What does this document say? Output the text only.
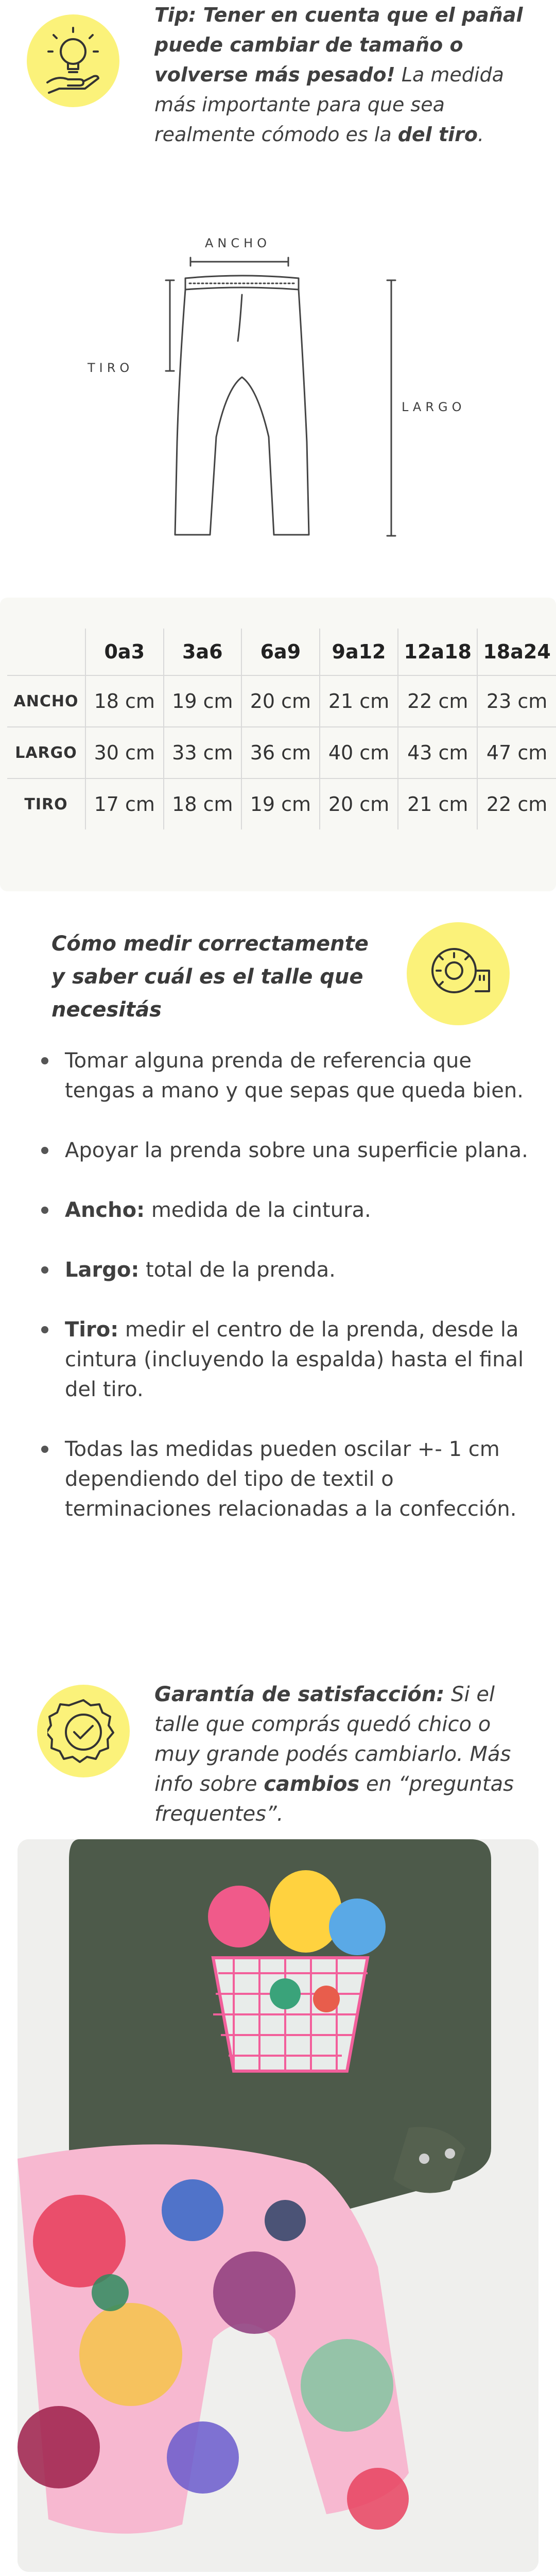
Tip: Tener en cuenta que el pañal puede cambiar de tamaño o volverse más pesado! La medida más importante para que sea realmente cómodo es la del tiro.
ANCHO
TIRO
LARGO
	0a3	3a6	6a9	9a12	12a18	18a24
ANCHO	18 cm	19 cm	20 cm	21 cm	22 cm	23 cm
LARGO	30 cm	33 cm	36 cm	40 cm	43 cm	47 cm
TIRO	17 cm	18 cm	19 cm	20 cm	21 cm	22 cm
Cómo medir correctamente y saber cuál es el talle que necesitás
Tomar alguna prenda de referencia que tengas a mano y que sepas que queda bien.
Apoyar la prenda sobre una superficie plana.
Ancho: medida de la cintura.
Largo: total de la prenda.
Tiro: medir el centro de la prenda, desde la cintura (incluyendo la espalda) hasta el final del tiro.
Todas las medidas pueden oscilar +- 1 cm dependiendo del tipo de textil o terminaciones relacionadas a la confección.
Garantía de satisfacción: Si el talle que comprás quedó chico o muy grande podés cambiarlo. Más info sobre cambios en “preguntas frequentes”.
